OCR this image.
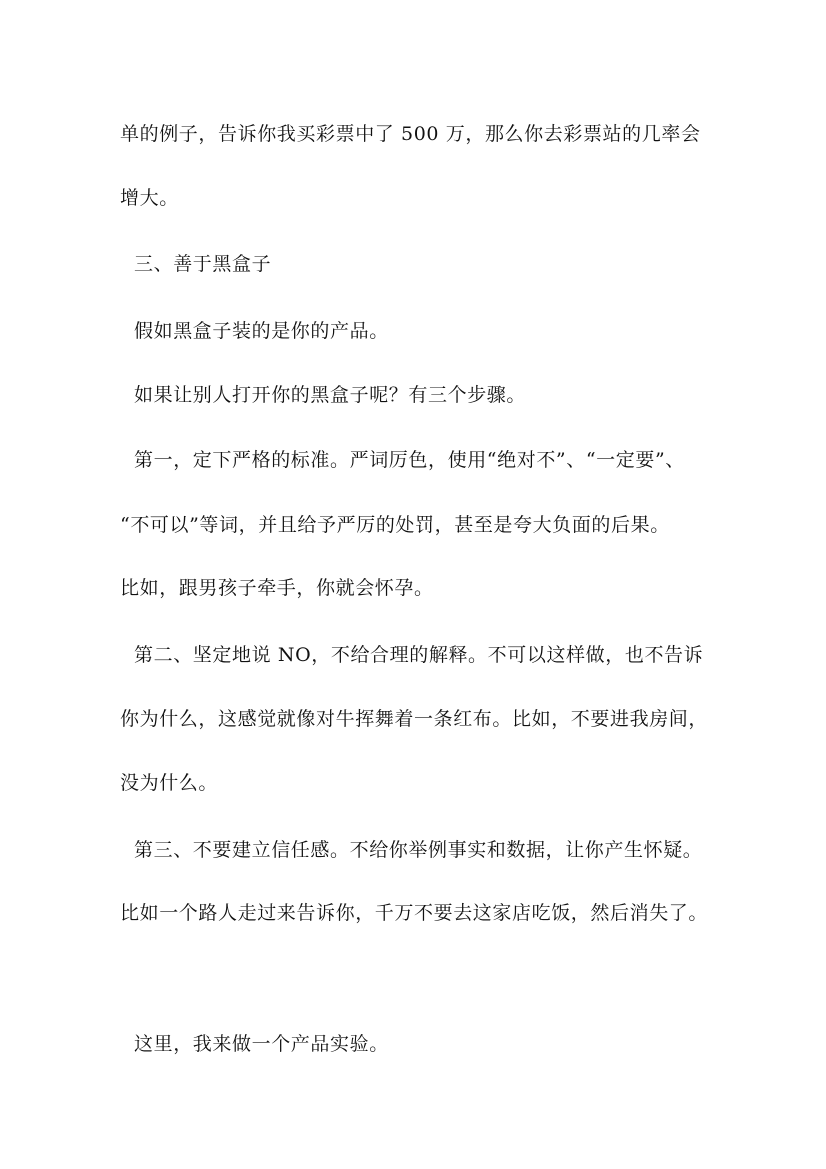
单的例子，告诉你我买彩票中了 500 万，那么你去彩票站的几率会
增大。
三、善于黑盒子
假如黑盒子装的是你的产品。
如果让别人打开你的黑盒子呢？有三个步骤。
第一，定下严格的标准。严词厉色，使用“绝对不”、“一定要”、
“不可以”等词，并且给予严厉的处罚，甚至是夸大负面的后果。
比如，跟男孩子牵手，你就会怀孕。
第二、坚定地说 NO，不给合理的解释。不可以这样做，也不告诉
你为什么，这感觉就像对牛挥舞着一条红布。比如，不要进我房间，
没为什么。
第三、不要建立信任感。不给你举例事实和数据，让你产生怀疑。
比如一个路人走过来告诉你，千万不要去这家店吃饭，然后消失了。
这里，我来做一个产品实验。
